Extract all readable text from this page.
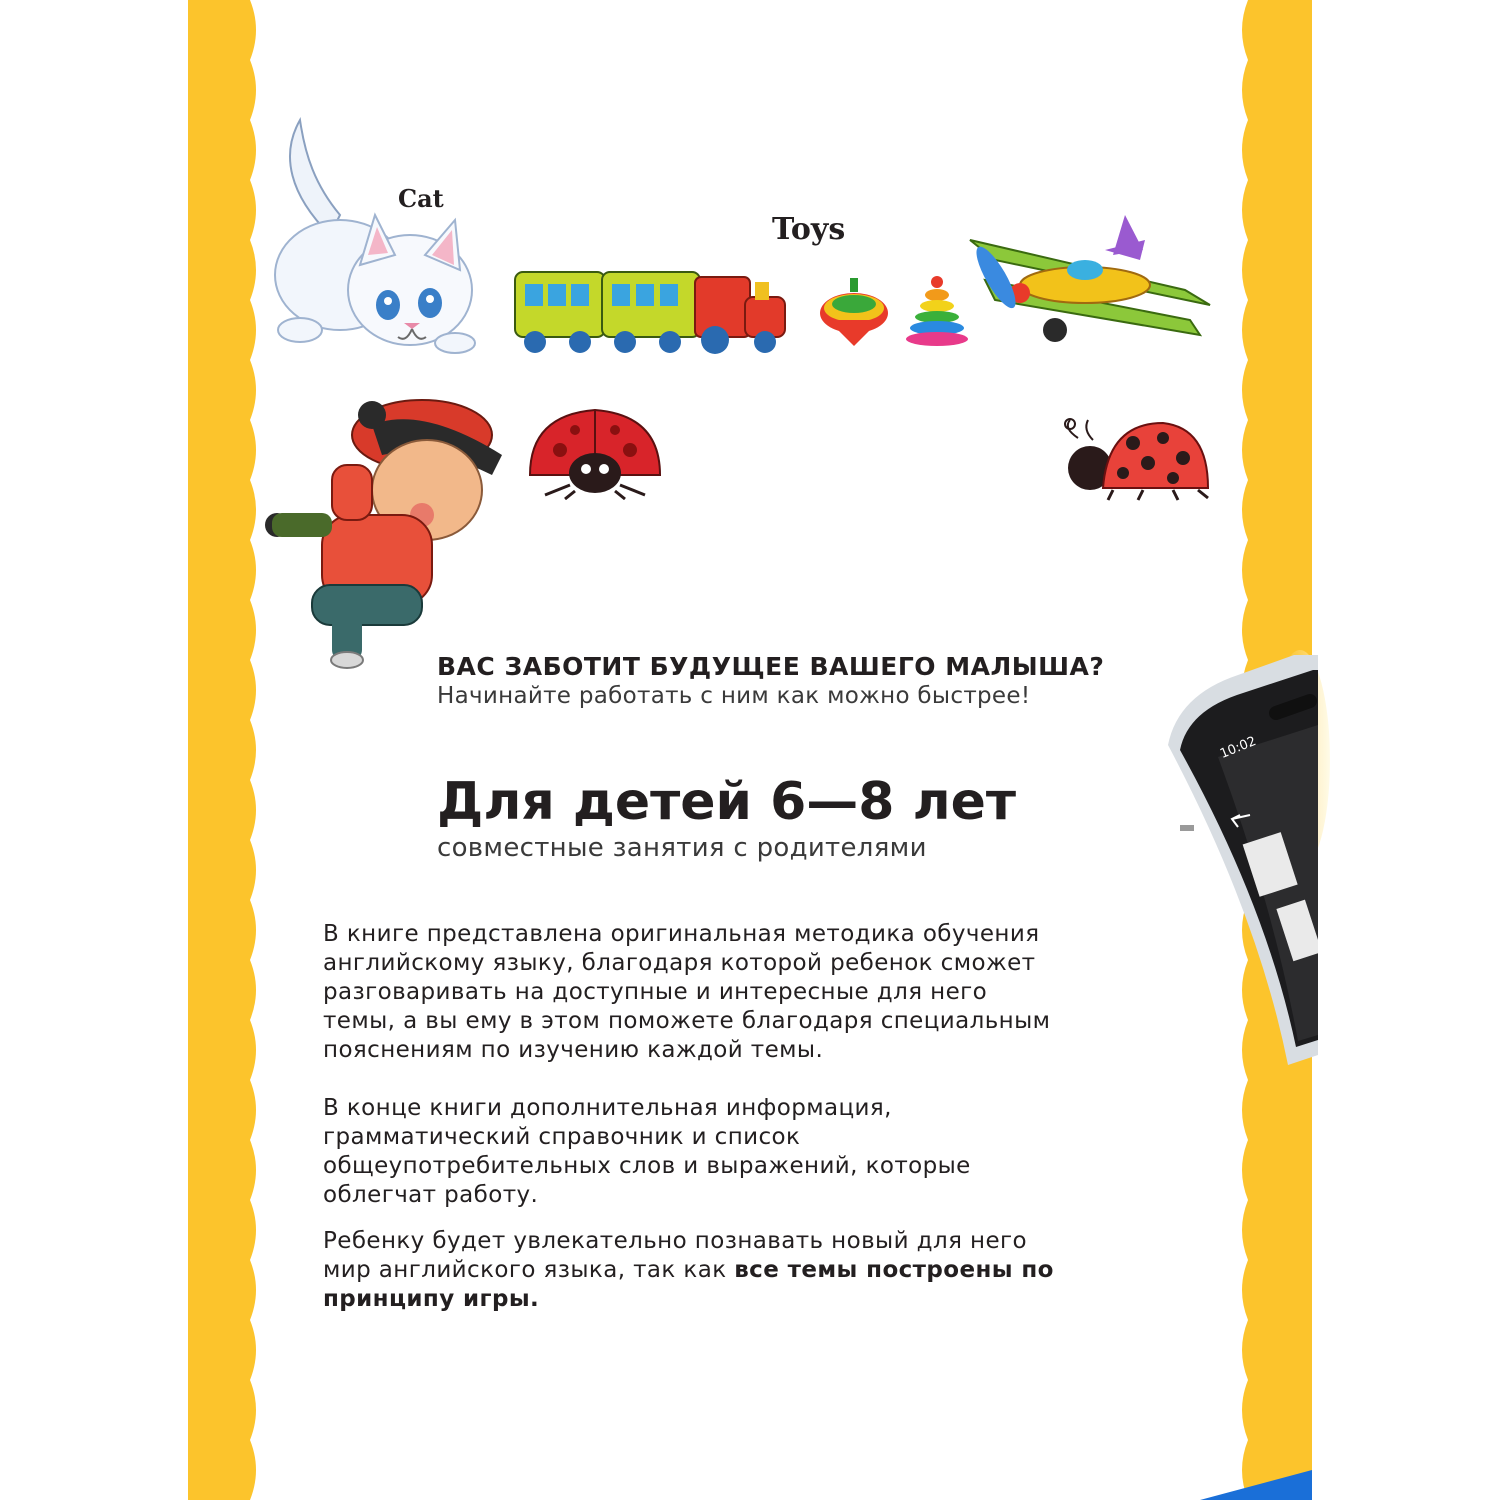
Cat
Toys
10:02
ВАС ЗАБОТИТ БУДУЩЕЕ ВАШЕГО МАЛЫША?
Начинайте работать с ним как можно быстрее!
Для детей 6—8 лет
совместные занятия с родителями
В книге представлена оригинальная методика обучения
английскому языку, благодаря которой ребенок сможет
разговаривать на доступные и интересные для него
темы, а вы ему в этом поможете благодаря специальным
пояснениям по изучению каждой темы.
В конце книги дополнительная информация,
грамматический справочник и список
общеупотребительных слов и выражений, которые
облегчат работу.
Ребенку будет увлекательно познавать новый для него
мир английского языка, так как все темы построены по
принципу игры.
